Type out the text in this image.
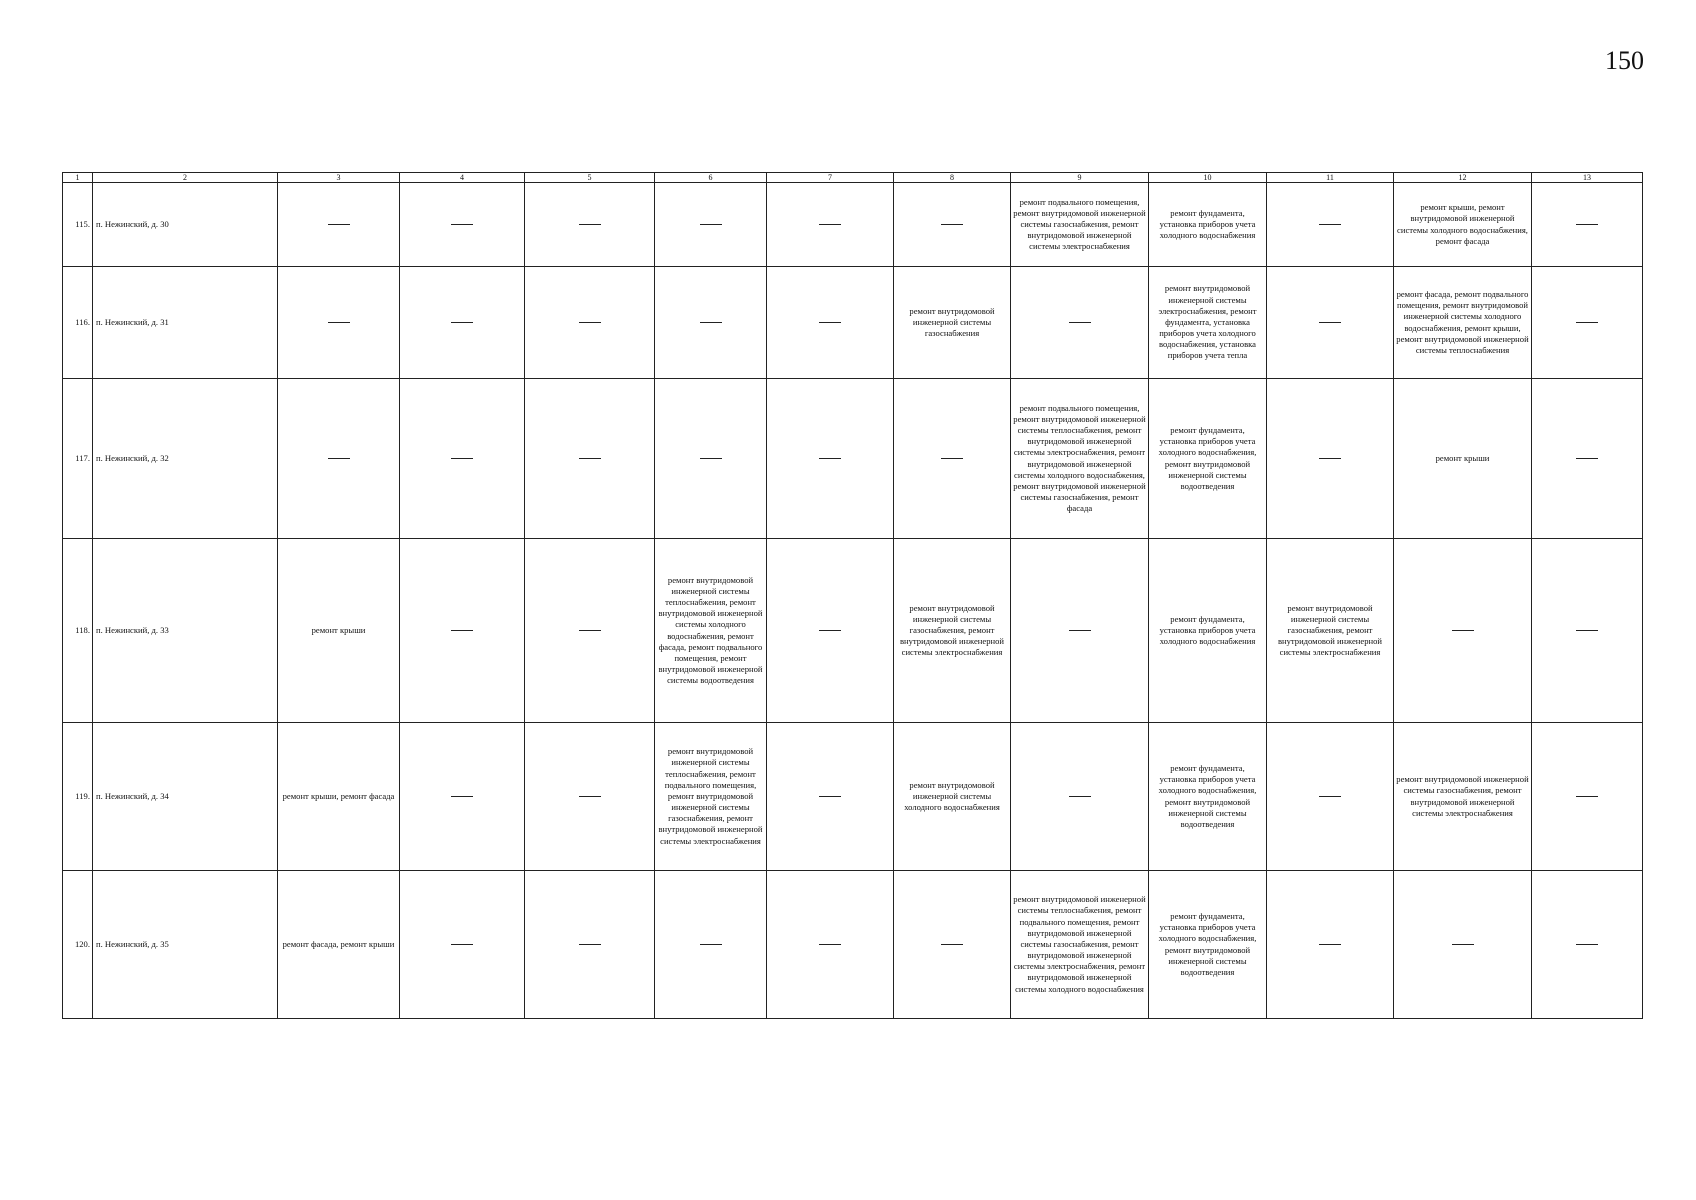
150
1	2	3	4	5	6	7	8	9	10	11	12	13
115.	п. Нежинский, д. 30							ремонт подвального помещения, ремонт внутридомовой инженерной системы газоснабжения, ремонт внутридомовой инженерной системы электроснабжения	ремонт фундамента, установка приборов учета холодного водоснабжения		ремонт крыши, ремонт внутридомовой инженерной системы холодного водоснабжения, ремонт фасада	
116.	п. Нежинский, д. 31						ремонт внутридомовой инженерной системы газоснабжения		ремонт внутридомовой инженерной системы электроснабжения, ремонт фундамента, установка приборов учета холодного водоснабжения, установка приборов учета тепла		ремонт фасада, ремонт подвального помещения, ремонт внутридомовой инженерной системы холодного водоснабжения, ремонт крыши, ремонт внутридомовой инженерной системы теплоснабжения	
117.	п. Нежинский, д. 32							ремонт подвального помещения, ремонт внутридомовой инженерной системы теплоснабжения, ремонт внутридомовой инженерной системы электроснабжения, ремонт внутридомовой инженерной системы холодного водоснабжения, ремонт внутридомовой инженерной системы газоснабжения, ремонт фасада	ремонт фундамента, установка приборов учета холодного водоснабжения, ремонт внутридомовой инженерной системы водоотведения		ремонт крыши	
118.	п. Нежинский, д. 33	ремонт крыши			ремонт внутридомовой инженерной системы теплоснабжения, ремонт внутридомовой инженерной системы холодного водоснабжения, ремонт фасада, ремонт подвального помещения, ремонт внутридомовой инженерной системы водоотведения		ремонт внутридомовой инженерной системы газоснабжения, ремонт внутридомовой инженерной системы электроснабжения		ремонт фундамента, установка приборов учета холодного водоснабжения	ремонт внутридомовой инженерной системы газоснабжения, ремонт внутридомовой инженерной системы электроснабжения		
119.	п. Нежинский, д. 34	ремонт крыши, ремонт фасада			ремонт внутридомовой инженерной системы теплоснабжения, ремонт подвального помещения, ремонт внутридомовой инженерной системы газоснабжения, ремонт внутридомовой инженерной системы электроснабжения		ремонт внутридомовой инженерной системы холодного водоснабжения		ремонт фундамента, установка приборов учета холодного водоснабжения, ремонт внутридомовой инженерной системы водоотведения		ремонт внутридомовой инженерной системы газоснабжения, ремонт внутридомовой инженерной системы электроснабжения	
120.	п. Нежинский, д. 35	ремонт фасада, ремонт крыши						ремонт внутридомовой инженерной системы теплоснабжения, ремонт подвального помещения, ремонт внутридомовой инженерной системы газоснабжения, ремонт внутридомовой инженерной системы электроснабжения, ремонт внутридомовой инженерной системы холодного водоснабжения	ремонт фундамента, установка приборов учета холодного водоснабжения, ремонт внутридомовой инженерной системы водоотведения			
